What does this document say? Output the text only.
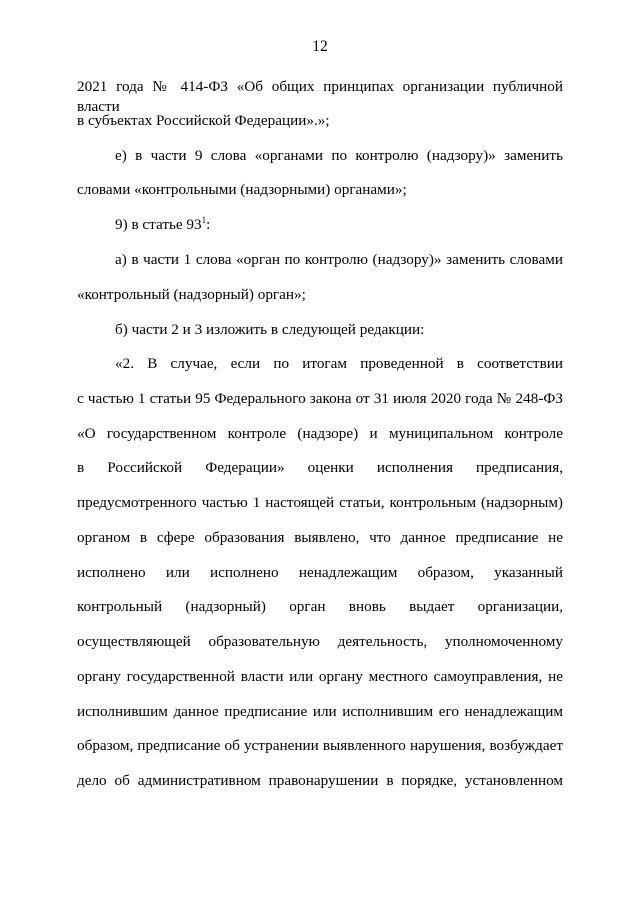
12
2021 года № 414-ФЗ «Об общих принципах организации публичной власти
в субъектах Российской Федерации».»;
е) в части 9 слова «органами по контролю (надзору)» заменить
словами «контрольными (надзорными) органами»;
9) в статье $93^1$:
а) в части 1 слова «орган по контролю (надзору)» заменить словами
«контрольный (надзорный) орган»;
б) части 2 и 3 изложить в следующей редакции:
«2. В случае, если по итогам проведенной в соответствии
с частью 1 статьи 95 Федерального закона от 31 июля 2020 года № 248-ФЗ
«О государственном контроле (надзоре) и муниципальном контроле
в Российской Федерации» оценки исполнения предписания,
предусмотренного частью 1 настоящей статьи, контрольным (надзорным)
органом в сфере образования выявлено, что данное предписание не
исполнено или исполнено ненадлежащим образом, указанный
контрольный (надзорный) орган вновь выдает организации,
осуществляющей образовательную деятельность, уполномоченному
органу государственной власти или органу местного самоуправления, не
исполнившим данное предписание или исполнившим его ненадлежащим
образом, предписание об устранении выявленного нарушения, возбуждает
дело об административном правонарушении в порядке, установленном
